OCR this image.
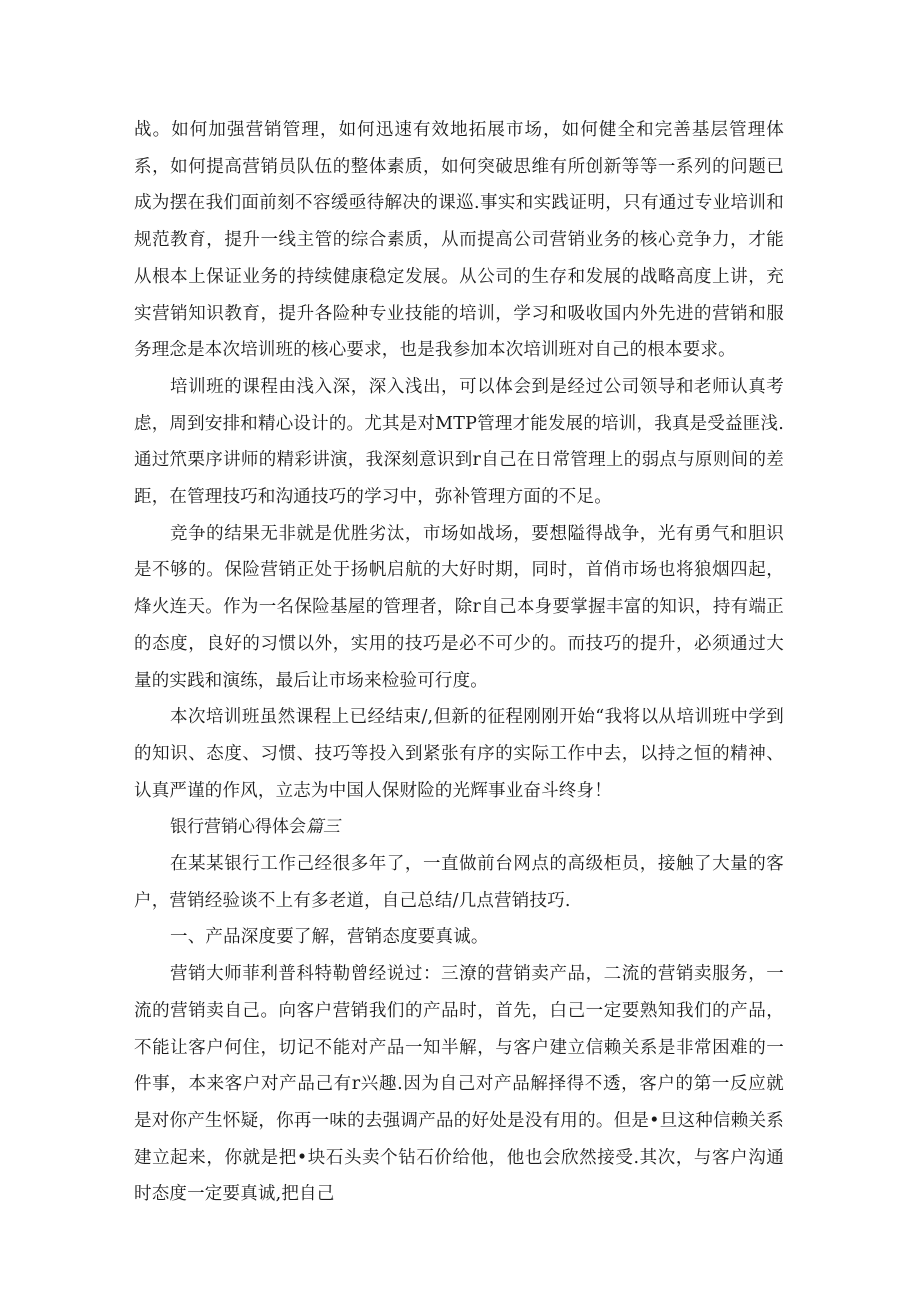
战。如何加强营销管理，如何迅速有效地拓展市场，如何健全和完善基层管理体系，如何提高营销员队伍的整体素质，如何突破思维有所创新等等一系列的问题已成为摆在我们面前刻不容缓亟待解决的课巡.事实和实践证明，只有通过专业培训和规范教育，提升一线主管的综合素质，从而提高公司营销业务的核心竞争力，才能从根本上保证业务的持续健康稳定发展。从公司的生存和发展的战略高度上讲，充实营销知识教育，提升各险种专业技能的培训，学习和吸收国内外先进的营销和服务理念是本次培训班的核心要求，也是我参加本次培训班对自己的根本要求。

培训班的课程由浅入深，深入浅出，可以体会到是经过公司领导和老师认真考虑，周到安排和精心设计的。尤其是对MTP管理才能发展的培训，我真是受益匪浅.通过笊栗序讲师的精彩讲演，我深刻意识到r自己在日常管理上的弱点与原则间的差距，在管理技巧和沟通技巧的学习中，弥补管理方面的不足。

竞争的结果无非就是优胜劣汰，市场如战场，要想隘得战争，光有勇气和胆识是不够的。保险营销正处于扬帆启航的大好时期，同时，首俏市场也将狼烟四起，烽火连天。作为一名保险基屋的管理者，除r自己本身要掌握丰富的知识，持有端正的态度，良好的习惯以外，实用的技巧是必不可少的。而技巧的提升，必须通过大量的实践和演练，最后让市场来检验可行度。

本次培训班虽然课程上已经结束/,但新的征程刚刚开始“我将以从培训班中学到的知识、态度、习惯、技巧等投入到紧张有序的实际工作中去，以持之恒的精神、认真严谨的作风，立志为中国人保财险的光辉事业奋斗终身！

银行营销心得体会篇三

在某某银行工作己经很多年了，一直做前台网点的高级柜员，接触了大量的客户，营销经验谈不上有多老道，自己总结/几点营销技巧.

一、产品深度要了解，营销态度要真诚。

营销大师菲利普科特勒曾经说过：三潦的营销卖产品，二流的营销卖服务，一流的营销卖自己。向客户营销我们的产品时，首先，白己一定要熟知我们的产品，不能让客户何住，切记不能对产品一知半解，与客户建立信赖关系是非常困难的一件事，本来客户对产品己有r兴趣.因为自己对产品解择得不透，客户的第一反应就是对你产生怀疑，你再一味的去强调产品的好处是没有用的。但是•旦这种信赖关系建立起来，你就是把•块石头卖个钻石价给他，他也会欣然接受.其次，与客户沟通时态度一定要真诚,把自己
